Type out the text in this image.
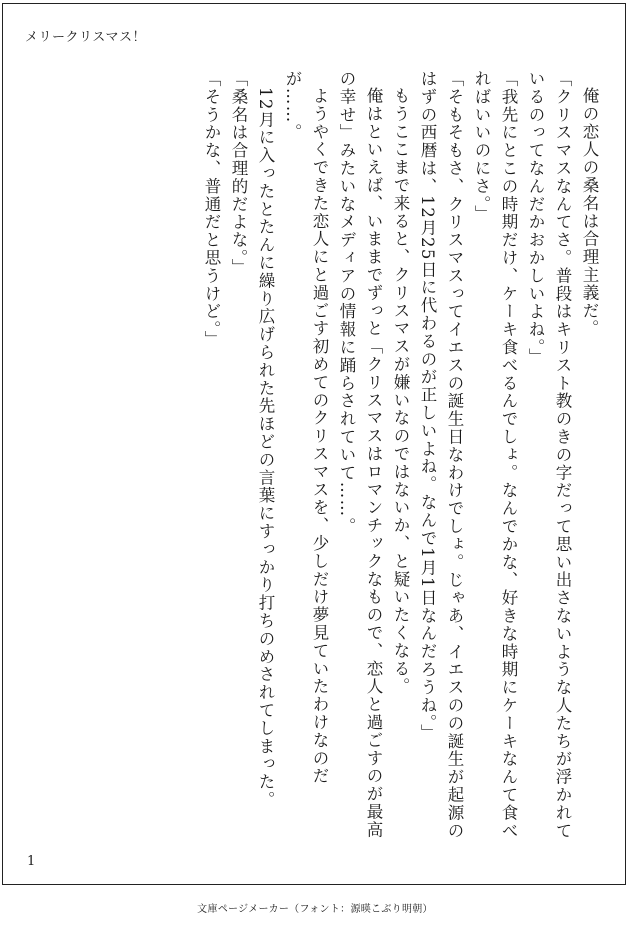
メリークリスマス！

俺の恋人の桑名は合理主義だ。

「クリスマスなんてさ。普段はキリスト教のきの字だって思い出さないような人たちが浮かれているのってなんだかおかしいよね。」

「我先にとこの時期だけ、ケーキ食べるんでしょ。なんでかな、好きな時期にケーキなんて食べればいいのにさ。」

「そもそもさ、クリスマスってイエスの誕生日なわけでしょ。じゃあ、イエスのの誕生が起源のはずの西暦は、12月25日に代わるのが正しいよね。なんで1月1日なんだろうね。」

もうここまで来ると、クリスマスが嫌いなのではないか、と疑いたくなる。

俺はといえば、いままでずっと「クリスマスはロマンチックなもので、恋人と過ごすのが最高の幸せ」みたいなメディアの情報に踊らされていて……。

ようやくできた恋人にと過ごす初めてのクリスマスを、少しだけ夢見ていたわけなのだが……。

12月に入ったとたんに繰り広げられた先ほどの言葉にすっかり打ちのめされてしまった。

「桑名は合理的だよな。」

「そうかな、普通だと思うけど。」

1
文庫ページメーカー（フォント：源暎こぶり明朝）
